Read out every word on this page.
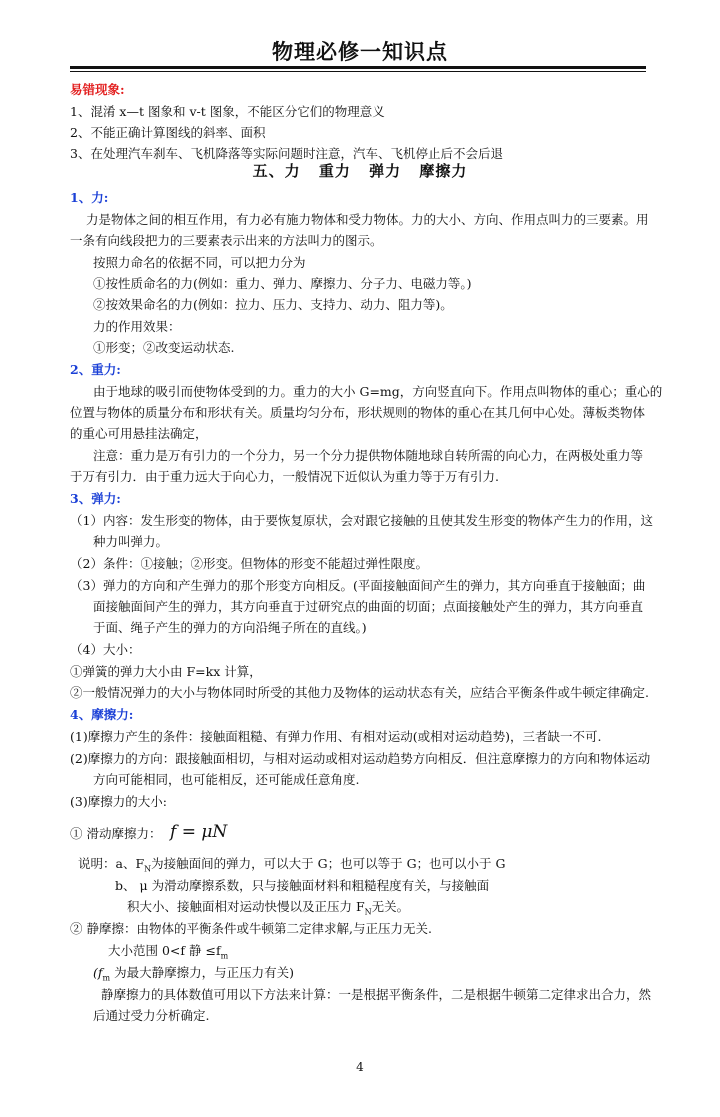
物理必修一知识点
易错现象:
1、混淆 x—t 图象和 v-t 图象，不能区分它们的物理意义
2、不能正确计算图线的斜率、面积
3、在处理汽车刹车、飞机降落等实际问题时注意，汽车、飞机停止后不会后退
五、力 重力 弹力 摩擦力
1、力:
力是物体之间的相互作用，有力必有施力物体和受力物体。力的大小、方向、作用点叫力的三要素。用
一条有向线段把力的三要素表示出来的方法叫力的图示。
按照力命名的依据不同，可以把力分为
①按性质命名的力(例如：重力、弹力、摩擦力、分子力、电磁力等。)
②按效果命名的力(例如：拉力、压力、支持力、动力、阻力等)。
力的作用效果：
①形变；②改变运动状态.
2、重力:
由于地球的吸引而使物体受到的力。重力的大小 G=mg，方向竖直向下。作用点叫物体的重心；重心的
位置与物体的质量分布和形状有关。质量均匀分布，形状规则的物体的重心在其几何中心处。薄板类物体
的重心可用悬挂法确定，
注意：重力是万有引力的一个分力，另一个分力提供物体随地球自转所需的向心力，在两极处重力等
于万有引力．由于重力远大于向心力，一般情况下近似认为重力等于万有引力.
3、弹力:
（1）内容：发生形变的物体，由于要恢复原状，会对跟它接触的且使其发生形变的物体产生力的作用，这
种力叫弹力。
（2）条件：①接触；②形变。但物体的形变不能超过弹性限度。
（3）弹力的方向和产生弹力的那个形变方向相反。(平面接触面间产生的弹力，其方向垂直于接触面；曲
面接触面间产生的弹力，其方向垂直于过研究点的曲面的切面；点面接触处产生的弹力，其方向垂直
于面、绳子产生的弹力的方向沿绳子所在的直线。)
（4）大小：
①弹簧的弹力大小由 F=kx 计算，
②一般情况弹力的大小与物体同时所受的其他力及物体的运动状态有关，应结合平衡条件或牛顿定律确定.
4、摩擦力:
(1)摩擦力产生的条件：接触面粗糙、有弹力作用、有相对运动(或相对运动趋势)，三者缺一不可.
(2)摩擦力的方向：跟接触面相切，与相对运动或相对运动趋势方向相反．但注意摩擦力的方向和物体运动
方向可能相同，也可能相反，还可能成任意角度.
(3)摩擦力的大小:
① 滑动摩擦力： f = μN
说明：a、$F_N$为接触面间的弹力，可以大于 G；也可以等于 G；也可以小于 G
b、 μ 为滑动摩擦系数，只与接触面材料和粗糙程度有关，与接触面
积大小、接触面相对运动快慢以及正压力 $F_N$无关。
② 静摩擦：由物体的平衡条件或牛顿第二定律求解,与正压力无关.
大小范围 0<f 静 $\le f_m$
($f_m$ 为最大静摩擦力，与正压力有关)
静摩擦力的具体数值可用以下方法来计算：一是根据平衡条件，二是根据牛顿第二定律求出合力，然
后通过受力分析确定.
4
